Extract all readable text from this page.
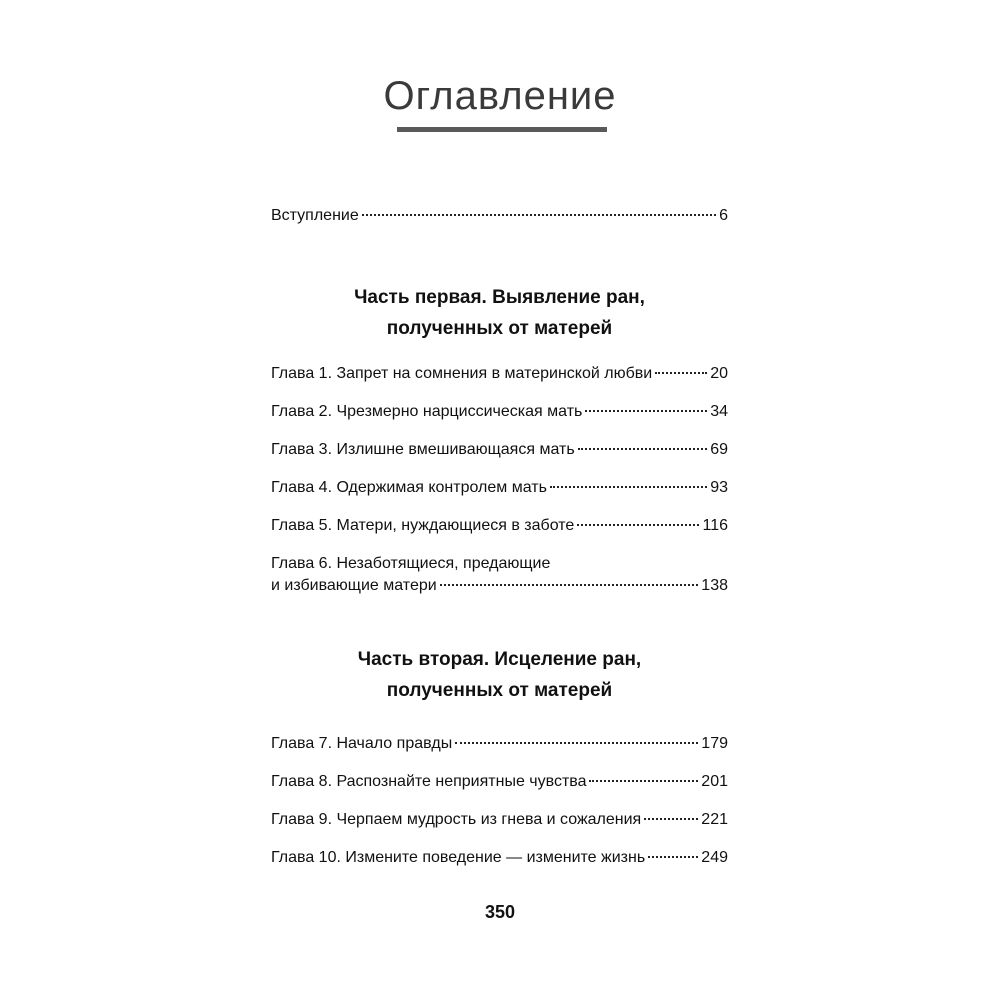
Оглавление
Вступление	6

Часть первая. Выявление ран,

полученных от матерей

Глава 1. Запрет на сомнения в материнской любви	20
Глава 2. Чрезмерно нарциссическая мать	34
Глава 3. Излишне вмешивающаяся мать	69
Глава 4. Одержимая контролем мать	93
Глава 5. Матери, нуждающиеся в заботе	116
Глава 6. Незаботящиеся, предающие
и избивающие матери	138

Часть вторая. Исцеление ран,

полученных от матерей

Глава 7. Начало правды	179
Глава 8. Распознайте неприятные чувства	201
Глава 9. Черпаем мудрость из гнева и сожаления	221
Глава 10. Измените поведение — измените жизнь	249
350
